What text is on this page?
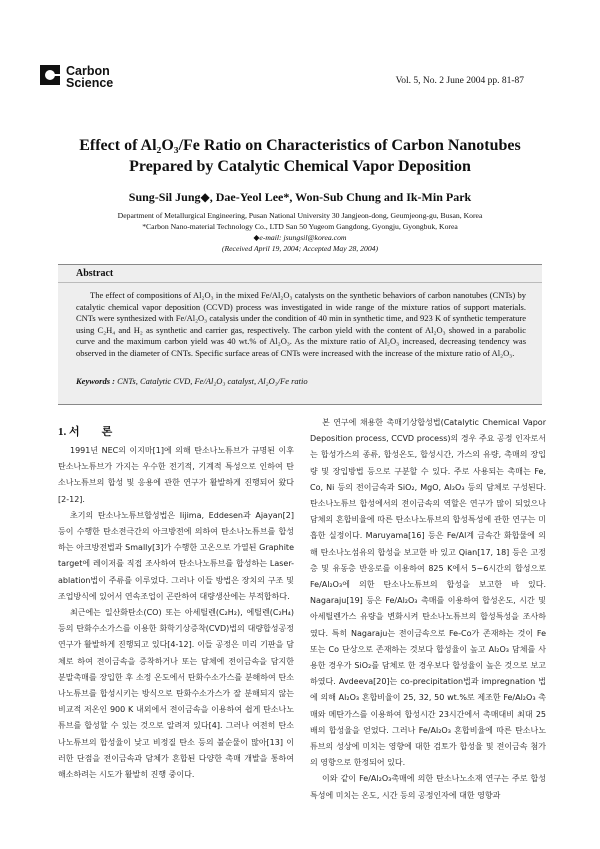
Carbon
Science	Vol. 5, No. 2 June 2004 pp. 81-87
Effect of Al₂O₃/Fe Ratio on Characteristics of Carbon Nanotubes
Prepared by Catalytic Chemical Vapor Deposition
Sung-Sil Jung◆, Dae-Yeol Lee*, Won-Sub Chung and Ik-Min Park
Department of Metallurgical Engineering, Pusan National University 30 Jangjeon-dong, Geumjeong-gu, Busan, Korea
*Carbon Nano-material Technology Co., LTD San 50 Yugeom Gangdong, Gyongju, Gyongbuk, Korea
◆e-mail: jsungsil@korea.com
(Received April 19, 2004; Accepted May 28, 2004)
Abstract
The effect of compositions of Al₂O₃ in the mixed Fe/Al₂O₃ catalysts on the synthetic behaviors of carbon nanotubes (CNTs) by catalytic chemical vapor deposition (CCVD) process was investigated in wide range of the mixture ratios of support materials. CNTs were synthesized with Fe/Al₂O₃ catalysis under the condition of 40 min in synthetic time, and 923 K of synthetic temperature using C₂H₄ and H₂ as synthetic and carrier gas, respectively. The carbon yield with the content of Al₂O₃ showed in a parabolic curve and the maximum carbon yield was 40 wt.% of Al₂O₃. As the mixture ratio of Al₂O₃ increased, decreasing tendency was observed in the diameter of CNTs. Specific surface areas of CNTs were increased with the increase of the mixture ratio of Al₂O₃.
Keywords : CNTs, Catalytic CVD, Fe/Al₂O₃ catalyst, Al₂O₃/Fe ratio
1. 서　　론

1991년 NEC의 이지마[1]에 의해 탄소나노튜브가 규명된 이후 탄소나노튜브가 가지는 우수한 전기적, 기계적 특성으로 인하여 탄소나노튜브의 합성 및 응용에 관한 연구가 활발하게 진행되어 왔다[2-12].

초기의 탄소나노튜브합성법은 Iijima, Eddesen과 Ajayan[2] 등이 수행한 탄소전극간의 아크방전에 의하여 탄소나노튜브를 합성하는 아크방전법과 Smally[3]가 수행한 고온으로 가열된 Graphite target에 레이저를 직접 조사하여 탄소나노튜브를 합성하는 Laser-ablation법이 주류를 이루었다. 그러나 이들 방법은 장치의 구조 및 조업방식에 있어서 연속조업이 곤란하여 대량생산에는 부적합하다.

최근에는 일산화탄소(CO) 또는 아세틸렌(C₂H₂), 에틸렌(C₂H₄) 등의 탄화수소가스를 이용한 화학기상증착(CVD)법의 대량합성공정연구가 활발하게 진행되고 있다[4-12]. 이들 공정은 미리 기판을 담체로 하여 전이금속을 증착하거나 또는 담체에 전이금속을 담지한 분말촉매를 장입한 후 소정 온도에서 탄화수소가스를 분해하여 탄소나노튜브를 합성시키는 방식으로 탄화수소가스가 잘 분해되지 않는 비교적 저온인 900 K 내외에서 전이금속을 이용하여 쉽게 탄소나노튜브를 합성할 수 있는 것으로 알려져 있다[4]. 그러나 여전히 탄소나노튜브의 합성율이 낮고 비정질 탄소 등의 불순물이 많아[13] 이러한 단점을 전이금속과 담체가 혼합된 다양한 촉매 개발을 통하여 해소하려는 시도가 활발히 진행 중이다.

본 연구에 채용한 촉매기상합성법(Catalytic Chemical Vapor Deposition process, CCVD process)의 경우 주요 공정 인자로서는 합성가스의 종류, 합성온도, 합성시간, 가스의 유량, 촉매의 장입량 및 장입방법 등으로 구분할 수 있다. 주로 사용되는 촉매는 Fe, Co, Ni 등의 전이금속과 SiO₂, MgO, Al₂O₃ 등의 담체로 구성된다. 탄소나노튜브 합성에서의 전이금속의 역할은 연구가 많이 되었으나 담체의 혼합비율에 따른 탄소나노튜브의 합성특성에 관한 연구는 미흡한 실정이다. Maruyama[16] 등은 Fe/Al계 금속간 화합물에 의해 탄소나노섬유의 합성을 보고한 바 있고 Qian[17, 18] 등은 고정층 및 유동층 반응로를 이용하여 825 K에서 5~6시간의 합성으로 Fe/Al₂O₃에 의한 탄소나노튜브의 합성을 보고한 바 있다. Nagaraju[19] 등은 Fe/Al₂O₃ 촉매를 이용하여 합성온도, 시간 및 아세틸렌가스 유량을 변화시켜 탄소나노튜브의 합성특성을 조사하였다. 특히 Nagaraju는 전이금속으로 Fe-Co가 존재하는 것이 Fe 또는 Co 단상으로 존재하는 것보다 합성율이 높고 Al₂O₃ 담체를 사용한 경우가 SiO₂를 담체로 한 경우보다 합성율이 높은 것으로 보고하였다. Avdeeva[20]는 co-precipitation법과 impregnation 법에 의해 Al₂O₃ 혼합비율이 25, 32, 50 wt.%로 제조한 Fe/Al₂O₃ 촉매와 메탄가스를 이용하여 합성시간 23시간에서 촉매대비 최대 25배의 합성율을 얻었다. 그러나 Fe/Al₂O₃ 혼합비율에 따른 탄소나노튜브의 성상에 미치는 영향에 대한 검토가 합성율 및 전이금속 첨가의 영향으로 한정되어 있다.

이와 같이 Fe/Al₂O₃촉매에 의한 탄소나노소재 연구는 주로 합성특성에 미치는 온도, 시간 등의 공정인자에 대한 영향과
